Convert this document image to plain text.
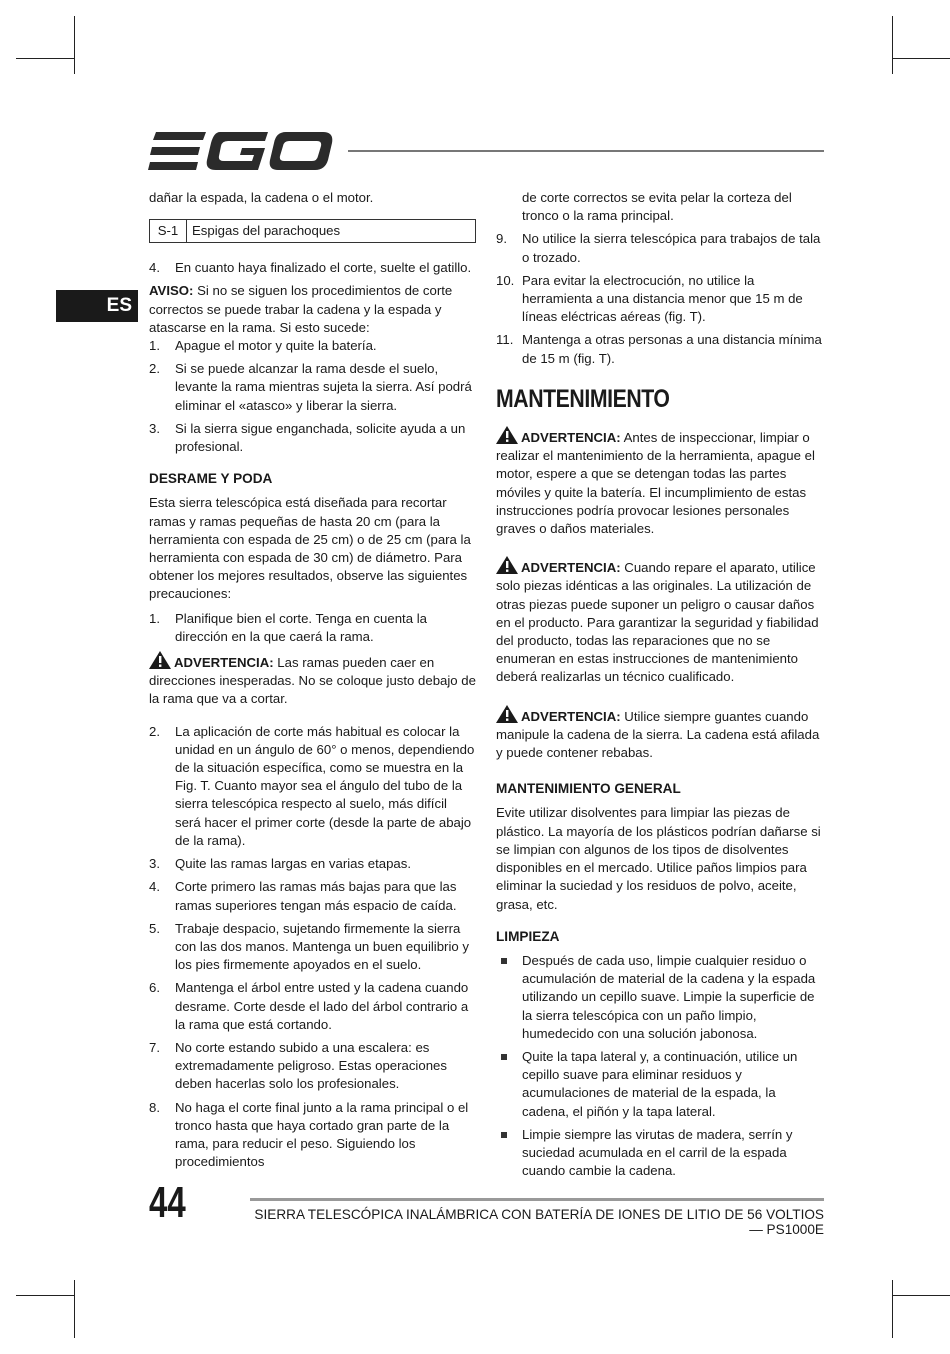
ES

dañar la espada, la cadena o el motor.

S-1	Espigas del parachoques
4. En cuanto haya finalizado el corte, suelte el gatillo.

AVISO: Si no se siguen los procedimientos de corte correctos se puede trabar la cadena y la espada y atascarse en la rama. Si esto sucede:

1. Apague el motor y quite la batería.
2. Si se puede alcanzar la rama desde el suelo, levante la rama mientras sujeta la sierra. Así podrá eliminar el «atasco» y liberar la sierra.
3. Si la sierra sigue enganchada, solicite ayuda a un profesional.
DESRAME Y PODA

Esta sierra telescópica está diseñada para recortar ramas y ramas pequeñas de hasta 20 cm (para la herramienta con espada de 25 cm) o de 25 cm (para la herramienta con espada de 30 cm) de diámetro. Para obtener los mejores resultados, observe las siguientes precauciones:

1. Planifique bien el corte. Tenga en cuenta la dirección en la que caerá la rama.

ADVERTENCIA: Las ramas pueden caer en direcciones inesperadas. No se coloque justo debajo de la rama que va a cortar.

2. La aplicación de corte más habitual es colocar la unidad en un ángulo de 60° o menos, dependiendo de la situación específica, como se muestra en la Fig. T. Cuanto mayor sea el ángulo del tubo de la sierra telescópica respecto al suelo, más difícil será hacer el primer corte (desde la parte de abajo de la rama).
3. Quite las ramas largas en varias etapas.
4. Corte primero las ramas más bajas para que las ramas superiores tengan más espacio de caída.
5. Trabaje despacio, sujetando firmemente la sierra con las dos manos. Mantenga un buen equilibrio y los pies firmemente apoyados en el suelo.
6. Mantenga el árbol entre usted y la cadena cuando desrame. Corte desde el lado del árbol contrario a la rama que está cortando.
7. No corte estando subido a una escalera: es extremadamente peligroso. Estas operaciones deben hacerlas solo los profesionales.
8. No haga el corte final junto a la rama principal o el tronco hasta que haya cortado gran parte de la rama, para reducir el peso. Siguiendo los procedimientos

de corte correctos se evita pelar la corteza del tronco o la rama principal.

9. No utilice la sierra telescópica para trabajos de tala o trozado.
10. Para evitar la electrocución, no utilice la herramienta a una distancia menor que 15 m de líneas eléctricas aéreas (fig. T).
11. Mantenga a otras personas a una distancia mínima de 15 m (fig. T).
MANTENIMIENTO

ADVERTENCIA: Antes de inspeccionar, limpiar o realizar el mantenimiento de la herramienta, apague el motor, espere a que se detengan todas las partes móviles y quite la batería. El incumplimiento de estas instrucciones podría provocar lesiones personales graves o daños materiales.

ADVERTENCIA: Cuando repare el aparato, utilice solo piezas idénticas a las originales. La utilización de otras piezas puede suponer un peligro o causar daños en el producto. Para garantizar la seguridad y fiabilidad del producto, todas las reparaciones que no se enumeran en estas instrucciones de mantenimiento deberá realizarlas un técnico cualificado.

ADVERTENCIA: Utilice siempre guantes cuando manipule la cadena de la sierra. La cadena está afilada y puede contener rebabas.

MANTENIMIENTO GENERAL

Evite utilizar disolventes para limpiar las piezas de plástico. La mayoría de los plásticos podrían dañarse si se limpian con algunos de los tipos de disolventes disponibles en el mercado. Utilice paños limpios para eliminar la suciedad y los residuos de polvo, aceite, grasa, etc.

LIMPIEZA
Después de cada uso, limpie cualquier residuo o acumulación de material de la cadena y la espada utilizando un cepillo suave. Limpie la superficie de la sierra telescópica con un paño limpio, humedecido con una solución jabonosa.
Quite la tapa lateral y, a continuación, utilice un cepillo suave para eliminar residuos y acumulaciones de material de la espada, la cadena, el piñón y la tapa lateral.
Limpie siempre las virutas de madera, serrín y suciedad acumulada en el carril de la espada cuando cambie la cadena.
44	SIERRA TELESCÓPICA INALÁMBRICA CON BATERÍA DE IONES DE LITIO DE 56 VOLTIOS— PS1000E
